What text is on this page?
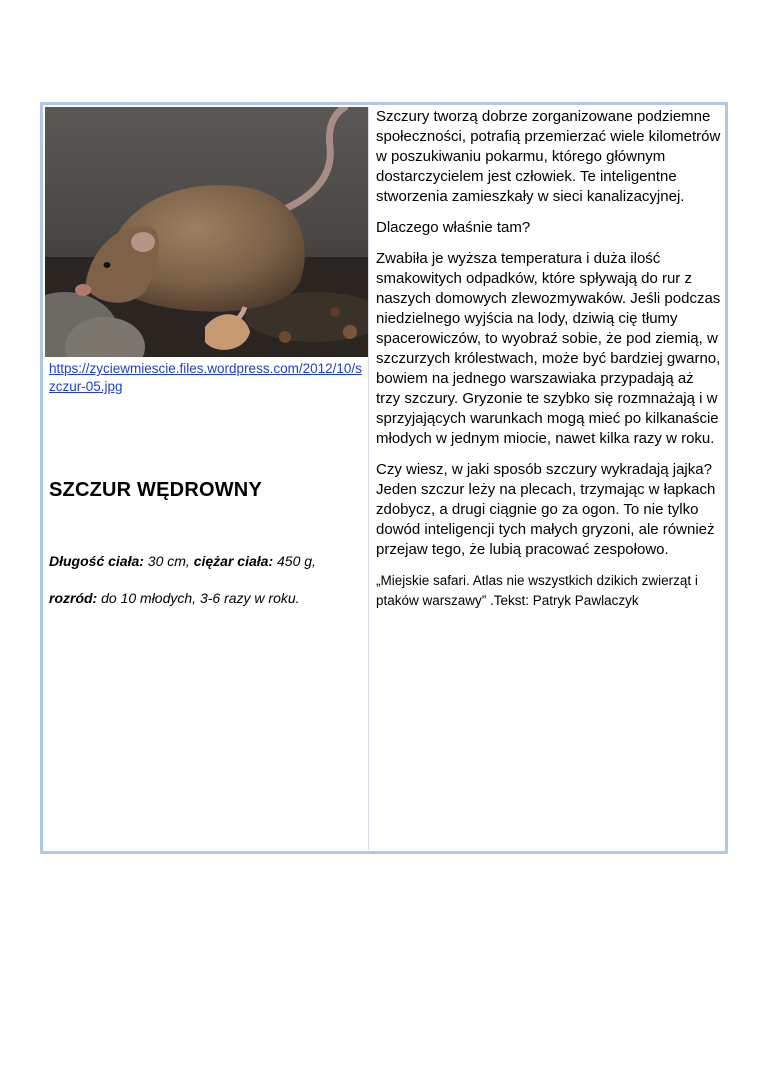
https://zyciewmiescie.files.wordpress.com/2012/10/szczur-05.jpg
SZCZUR WĘDROWNY
Długość ciała: 30 cm, ciężar ciała: 450 g,
rozród: do 10 młodych, 3-6 razy w roku.

Szczury tworzą dobrze zorganizowane podziemne społeczności, potrafią przemierzać wiele kilometrów w poszukiwaniu pokarmu, którego głównym dostarczycielem jest człowiek. Te inteligentne stworzenia zamieszkały w sieci kanalizacyjnej.

Dlaczego właśnie tam?

Zwabiła je wyższa temperatura i duża ilość smakowitych odpadków, które spływają do rur z naszych domowych zlewozmywaków. Jeśli podczas niedzielnego wyjścia na lody, dziwią cię tłumy spacerowiczów, to wyobraź sobie, że pod ziemią, w szczurzych królestwach, może być bardziej gwarno, bowiem na jednego warszawiaka przypadają aż trzy szczury. Gryzonie te szybko się rozmnażają i w sprzyjających warunkach mogą mieć po kilkanaście młodych w jednym miocie, nawet kilka razy w roku.

Czy wiesz, w jaki sposób szczury wykradają jajka? Jeden szczur leży na plecach, trzymając w łapkach zdobycz, a drugi ciągnie go za ogon. To nie tylko dowód inteligencji tych małych gryzoni, ale również przejaw tego, że lubią pracować zespołowo.

„Miejskie safari. Atlas nie wszystkich dzikich zwierząt i ptaków warszawy” .Tekst: Patryk Pawlaczyk
